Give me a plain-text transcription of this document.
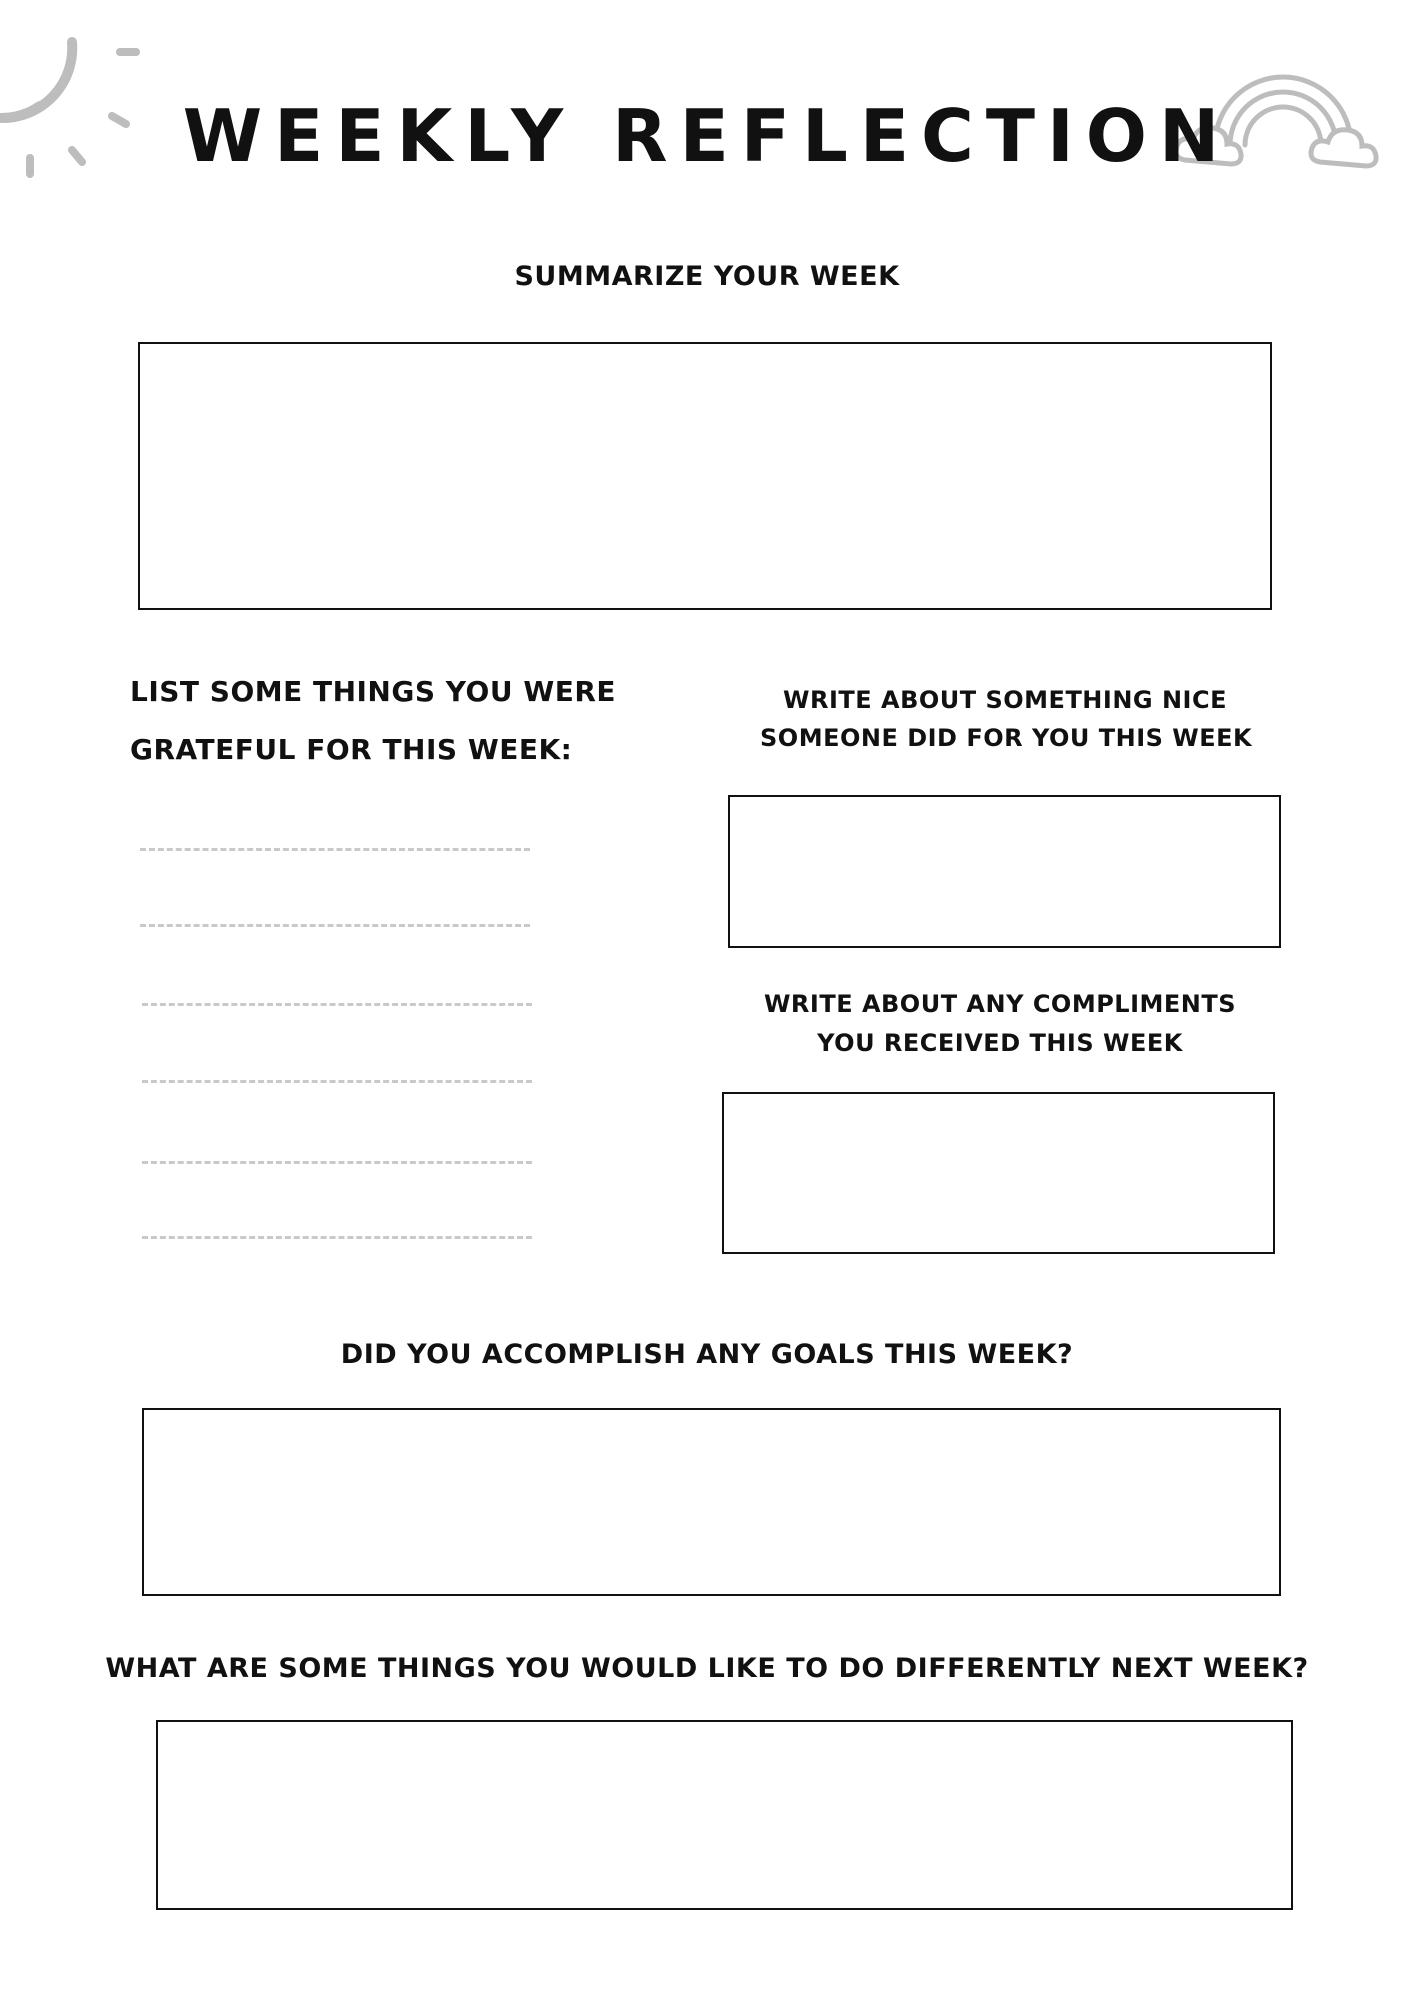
WEEKLY REFLECTION
SUMMARIZE YOUR WEEK
LIST SOME THINGS YOU WERE
GRATEFUL FOR THIS WEEK:
WRITE ABOUT SOMETHING NICE
SOMEONE DID FOR YOU THIS WEEK
WRITE ABOUT ANY COMPLIMENTS
YOU RECEIVED THIS WEEK
DID YOU ACCOMPLISH ANY GOALS THIS WEEK?
WHAT ARE SOME THINGS YOU WOULD LIKE TO DO DIFFERENTLY NEXT WEEK?
